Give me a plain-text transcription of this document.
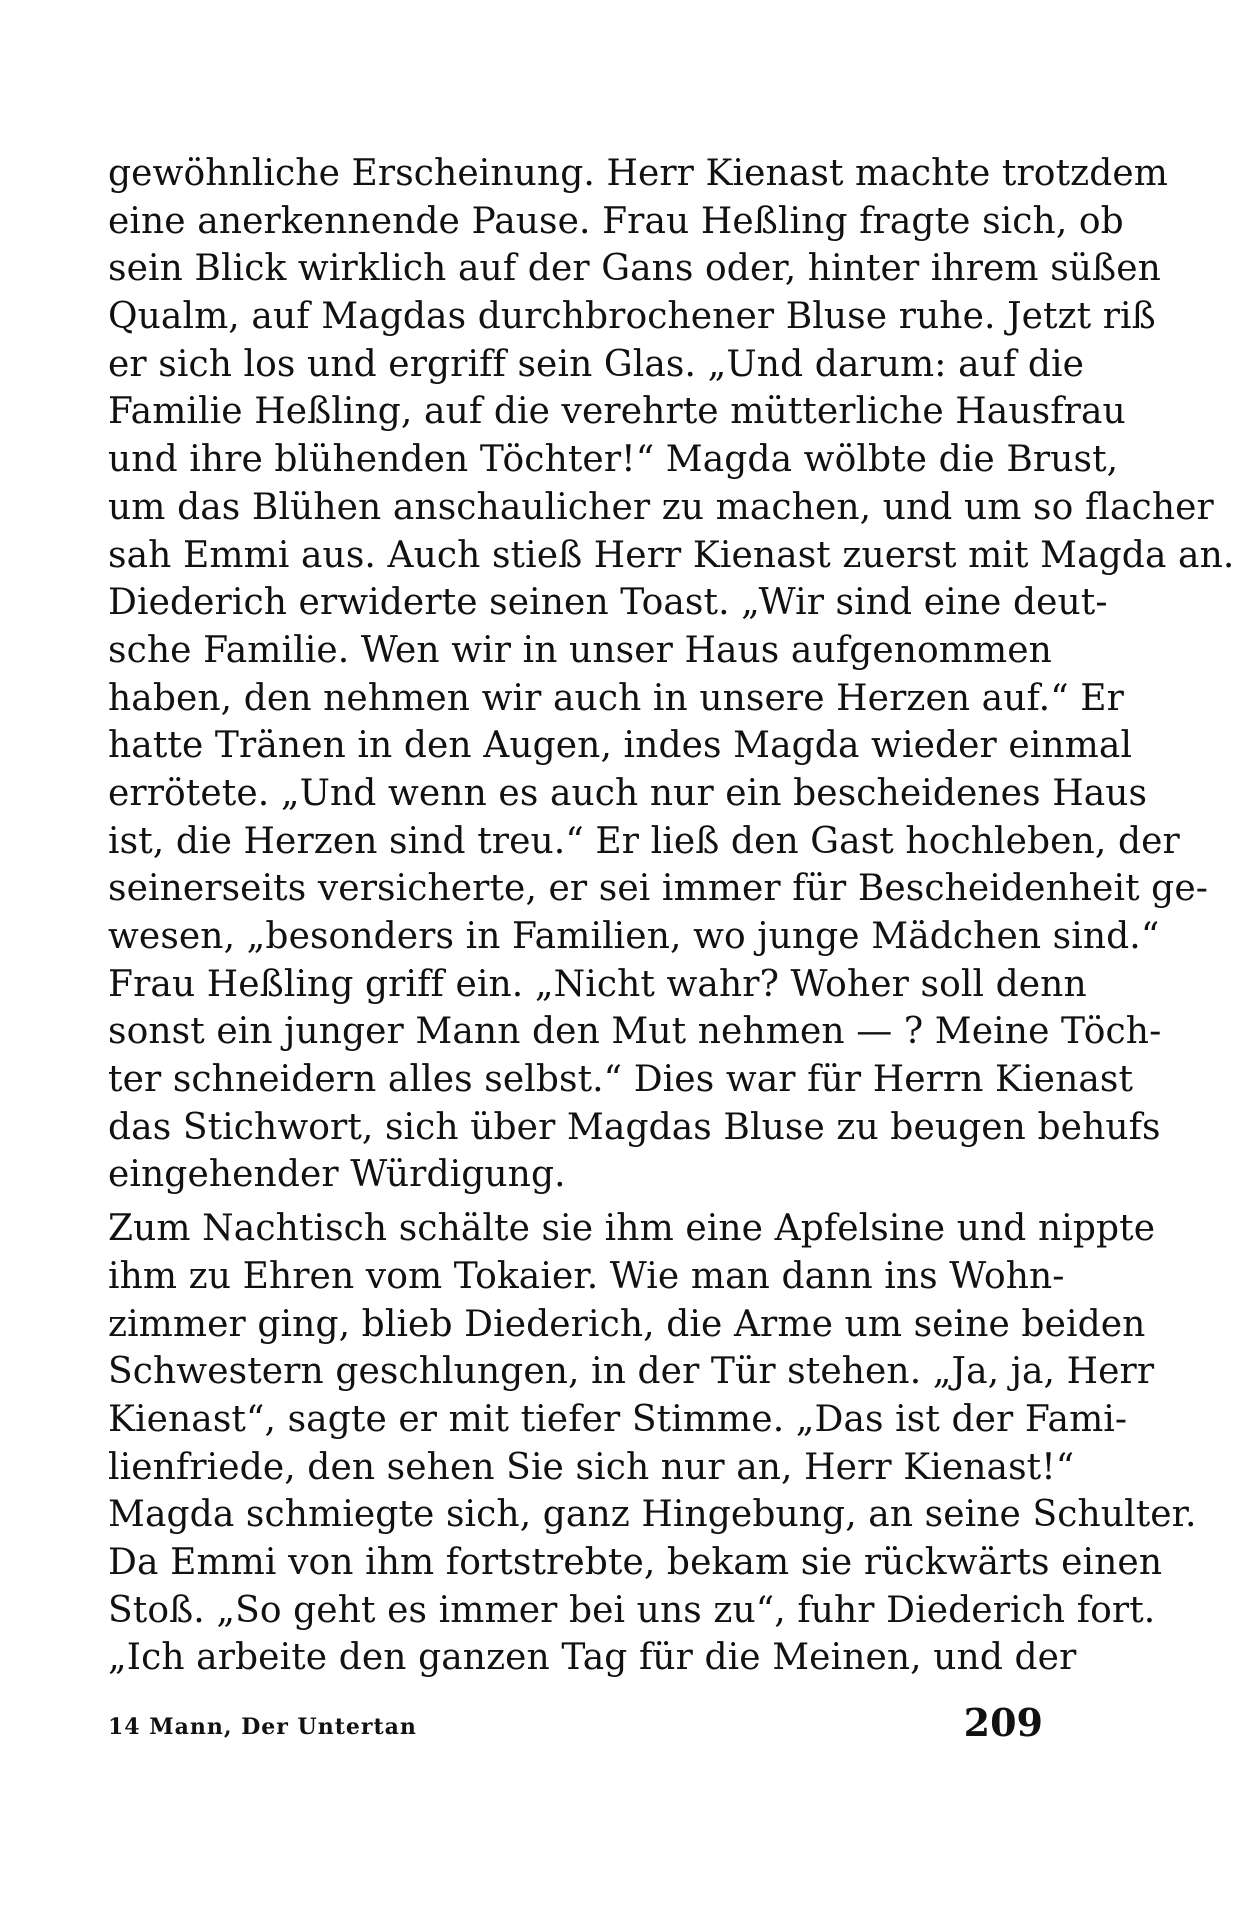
gewöhnliche Erscheinung. Herr Kienast machte trotzdem
eine anerkennende Pause. Frau Heßling fragte sich, ob
sein Blick wirklich auf der Gans oder, hinter ihrem süßen
Qualm, auf Magdas durchbrochener Bluse ruhe. Jetzt riß
er sich los und ergriff sein Glas. „Und darum: auf die
Familie Heßling, auf die verehrte mütterliche Hausfrau
und ihre blühenden Töchter!“ Magda wölbte die Brust,
um das Blühen anschaulicher zu machen, und um so flacher
sah Emmi aus. Auch stieß Herr Kienast zuerst mit Magda an.
Diederich erwiderte seinen Toast. „Wir sind eine deut-
sche Familie. Wen wir in unser Haus aufgenommen
haben, den nehmen wir auch in unsere Herzen auf.“ Er
hatte Tränen in den Augen, indes Magda wieder einmal
errötete. „Und wenn es auch nur ein bescheidenes Haus
ist, die Herzen sind treu.“ Er ließ den Gast hochleben, der
seinerseits versicherte, er sei immer für Bescheidenheit ge-
wesen, „besonders in Familien, wo junge Mädchen sind.“
Frau Heßling griff ein. „Nicht wahr? Woher soll denn
sonst ein junger Mann den Mut nehmen — ? Meine Töch-
ter schneidern alles selbst.“ Dies war für Herrn Kienast
das Stichwort, sich über Magdas Bluse zu beugen behufs
eingehender Würdigung.
Zum Nachtisch schälte sie ihm eine Apfelsine und nippte
ihm zu Ehren vom Tokaier. Wie man dann ins Wohn-
zimmer ging, blieb Diederich, die Arme um seine beiden
Schwestern geschlungen, in der Tür stehen. „Ja, ja, Herr
Kienast“, sagte er mit tiefer Stimme. „Das ist der Fami-
lienfriede, den sehen Sie sich nur an, Herr Kienast!“
Magda schmiegte sich, ganz Hingebung, an seine Schulter.
Da Emmi von ihm fortstrebte, bekam sie rückwärts einen
Stoß. „So geht es immer bei uns zu“, fuhr Diederich fort.
„Ich arbeite den ganzen Tag für die Meinen, und der
14 Mann, Der Untertan	209
